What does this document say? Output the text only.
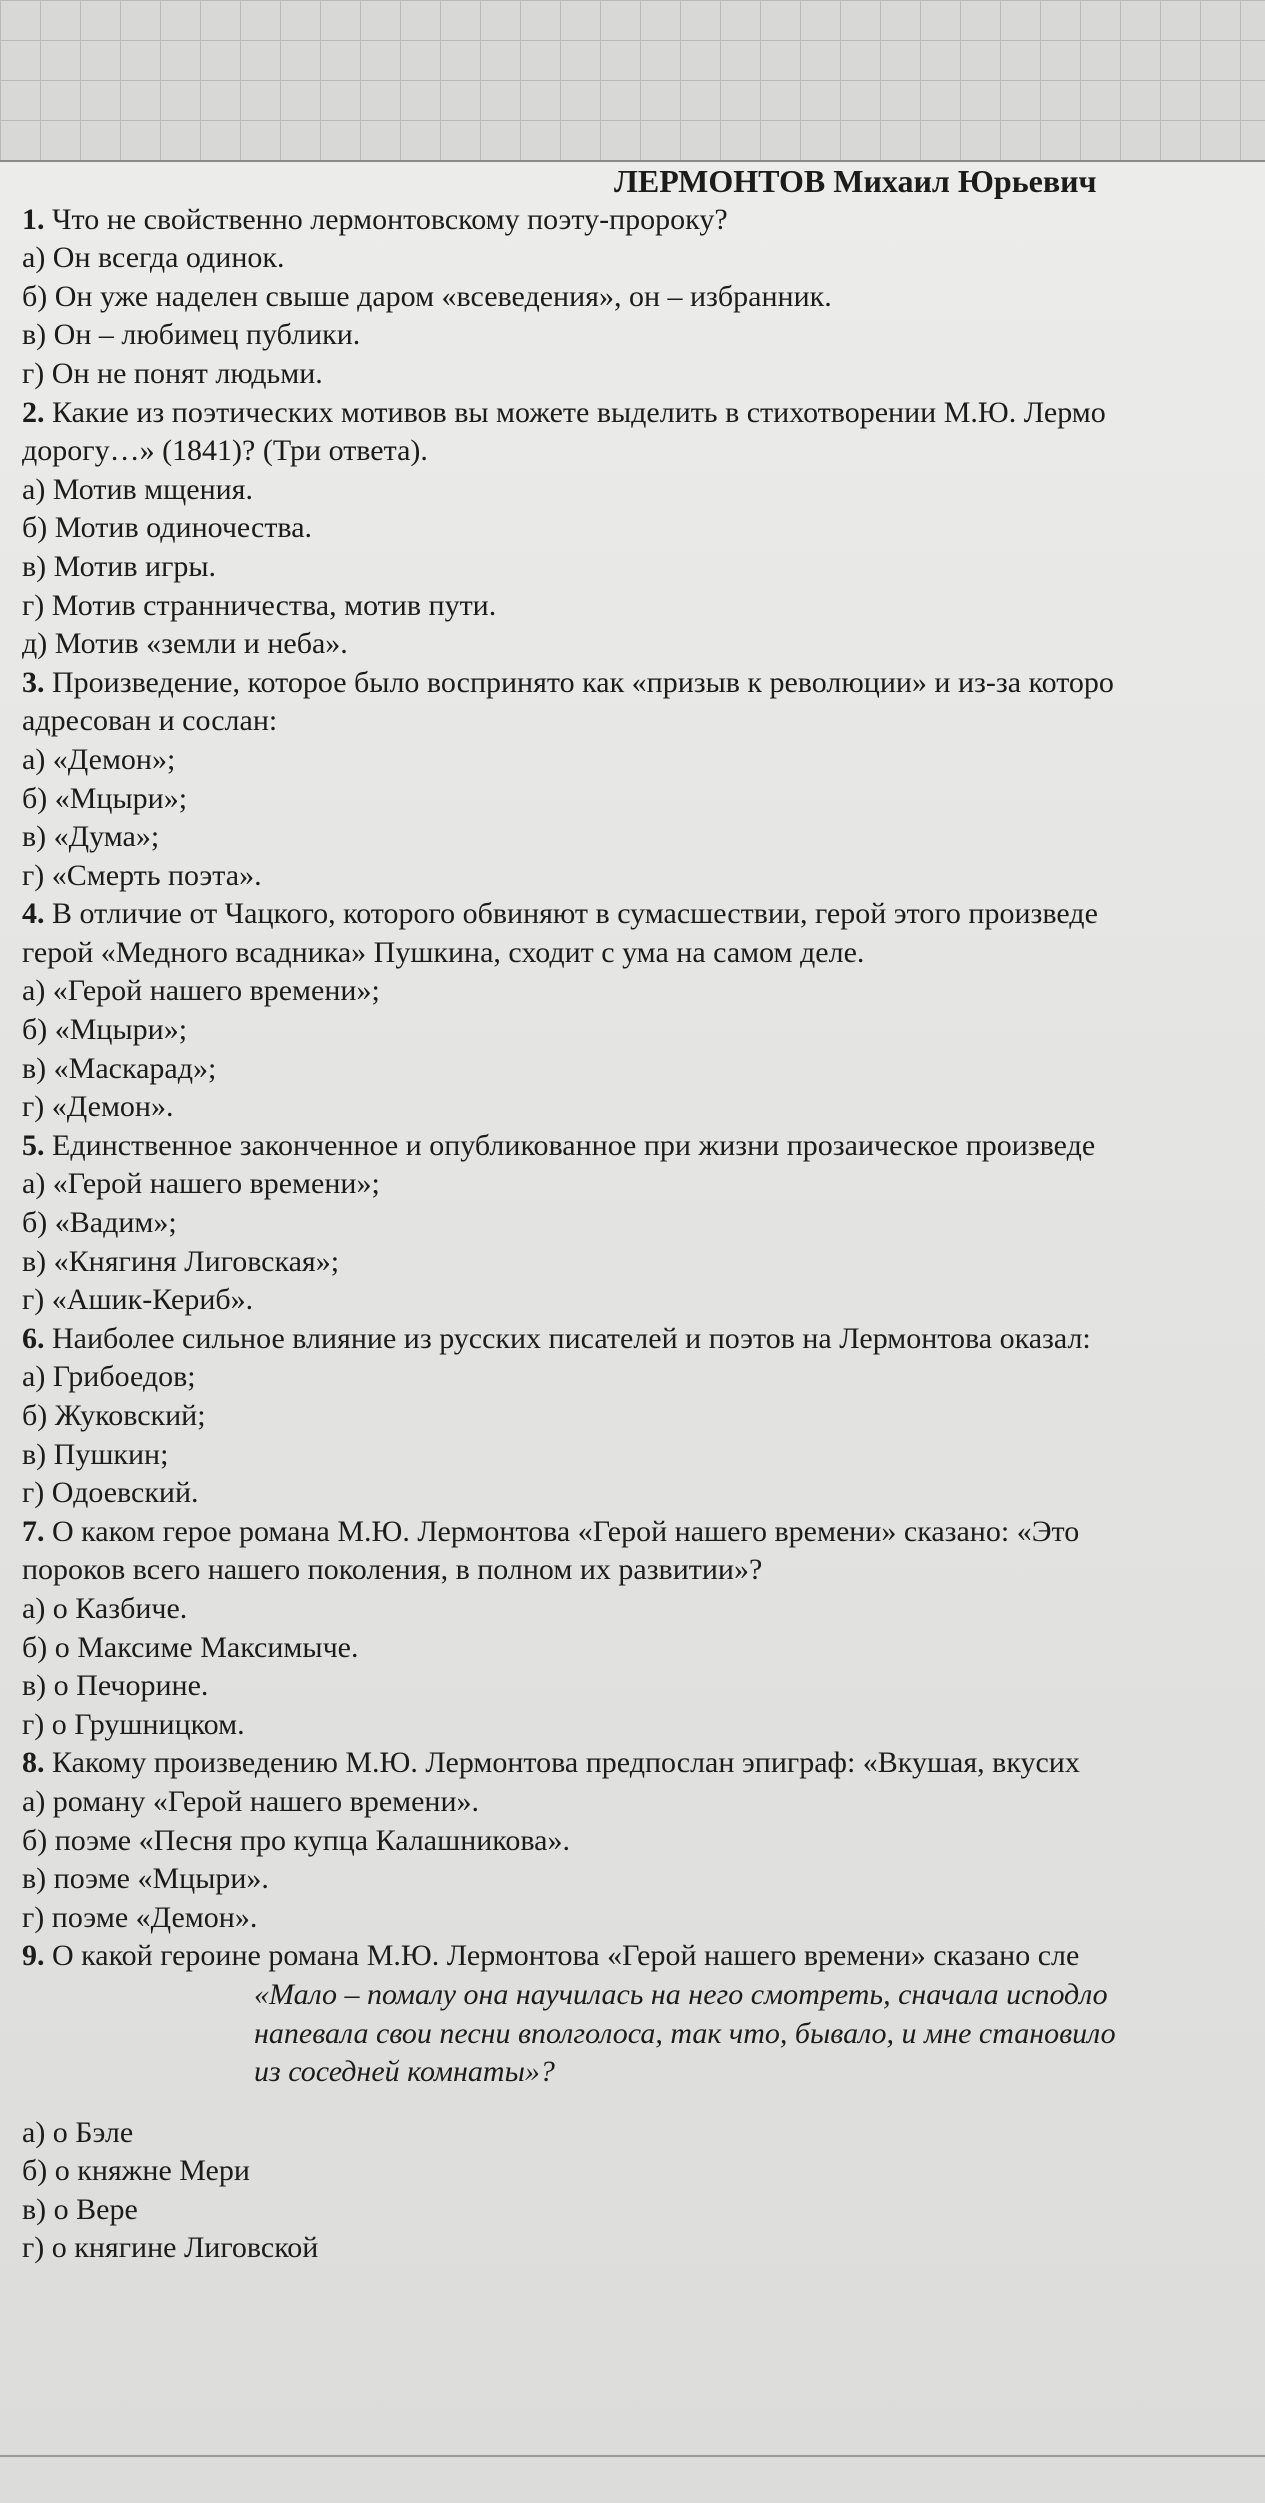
ЛЕРМОНТОВ Михаил Юрьевич
1. Что не свойственно лермонтовскому поэту-пророку?
а) Он всегда одинок.
б) Он уже наделен свыше даром «всеведения», он – избранник.
в) Он – любимец публики.
г) Он не понят людьми.
2. Какие из поэтических мотивов вы можете выделить в стихотворении М.Ю. Лермо
дорогу…» (1841)? (Три ответа).
а) Мотив мщения.
б) Мотив одиночества.
в) Мотив игры.
г) Мотив странничества, мотив пути.
д) Мотив «земли и неба».
3. Произведение, которое было воспринято как «призыв к революции» и из-за которо
адресован и сослан:
а) «Демон»;
б) «Мцыри»;
в) «Дума»;
г) «Смерть поэта».
4. В отличие от Чацкого, которого обвиняют в сумасшествии, герой этого произведе
герой «Медного всадника» Пушкина, сходит с ума на самом деле.
а) «Герой нашего времени»;
б) «Мцыри»;
в) «Маскарад»;
г) «Демон».
5. Единственное законченное и опубликованное при жизни прозаическое произведе
а) «Герой нашего времени»;
б) «Вадим»;
в) «Княгиня Лиговская»;
г) «Ашик-Кериб».
6. Наиболее сильное влияние из русских писателей и поэтов на Лермонтова оказал:
а) Грибоедов;
б) Жуковский;
в) Пушкин;
г) Одоевский.
7. О каком герое романа М.Ю. Лермонтова «Герой нашего времени» сказано: «Это
пороков всего нашего поколения, в полном их развитии»?
а) о Казбиче.
б) о Максиме Максимыче.
в) о Печорине.
г) о Грушницком.
8. Какому произведению М.Ю. Лермонтова предпослан эпиграф: «Вкушая, вкусих
а) роману «Герой нашего времени».
б) поэме «Песня про купца Калашникова».
в) поэме «Мцыри».
г) поэме «Демон».
9. О какой героине романа М.Ю. Лермонтова «Герой нашего времени» сказано сле
«Мало – помалу она научилась на него смотреть, сначала исподло
напевала свои песни вполголоса, так что, бывало, и мне становило
из соседней комнаты»?
а) о Бэле
б) о княжне Мери
в) о Вере
г) о княгине Лиговской
